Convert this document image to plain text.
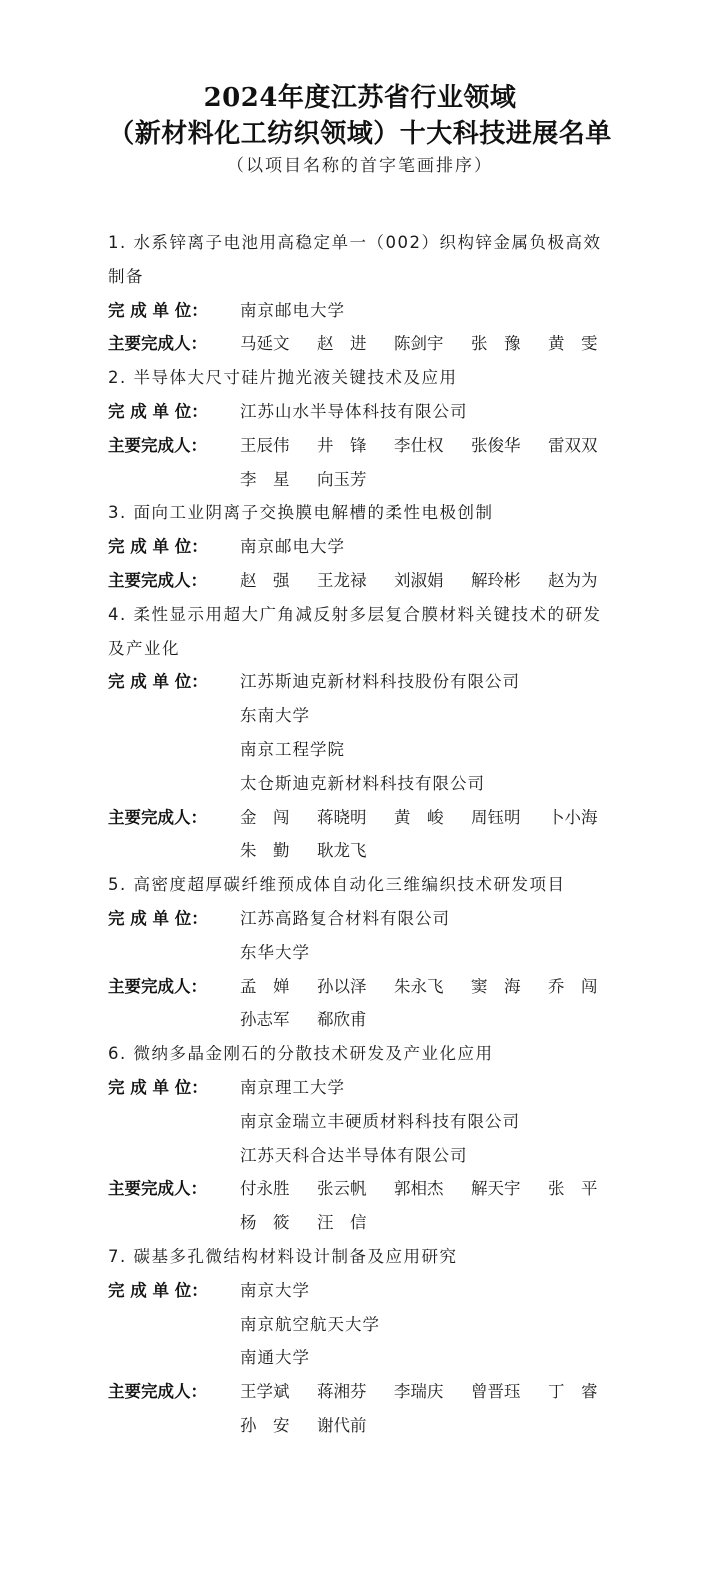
2024年度江苏省行业领域
（新材料化工纺织领域）十大科技进展名单
（以项目名称的首字笔画排序）
1. 水系锌离子电池用高稳定单一（002）织构锌金属负极高效制备
完 成 单 位：	南京邮电大学
主要完成人：	马延文	赵　进	陈剑宇	张　豫	黄　雯
2. 半导体大尺寸硅片抛光液关键技术及应用
完 成 单 位：	江苏山水半导体科技有限公司
主要完成人：	王辰伟	井　锋	李仕权	张俊华	雷双双
李　星	向玉芳
3. 面向工业阴离子交换膜电解槽的柔性电极创制
完 成 单 位：	南京邮电大学
主要完成人：	赵　强	王龙禄	刘淑娟	解玲彬	赵为为
4. 柔性显示用超大广角减反射多层复合膜材料关键技术的研发及产业化
完 成 单 位：	江苏斯迪克新材料科技股份有限公司
东南大学
南京工程学院
太仓斯迪克新材料科技有限公司
主要完成人：	金　闯	蒋晓明	黄　峻	周钰明	卜小海
朱　勤	耿龙飞
5. 高密度超厚碳纤维预成体自动化三维编织技术研发项目
完 成 单 位：	江苏高路复合材料有限公司
东华大学
主要完成人：	孟　婵	孙以泽	朱永飞	窦　海	乔　闯
孙志军	郗欣甫
6. 微纳多晶金刚石的分散技术研发及产业化应用
完 成 单 位：	南京理工大学
南京金瑞立丰硬质材料科技有限公司
江苏天科合达半导体有限公司
主要完成人：	付永胜	张云帆	郭相杰	解天宇	张　平
杨　筱	汪　信
7. 碳基多孔微结构材料设计制备及应用研究
完 成 单 位：	南京大学
南京航空航天大学
南通大学
主要完成人：	王学斌	蒋湘芬	李瑞庆	曾晋珏	丁　睿
孙　安	谢代前
